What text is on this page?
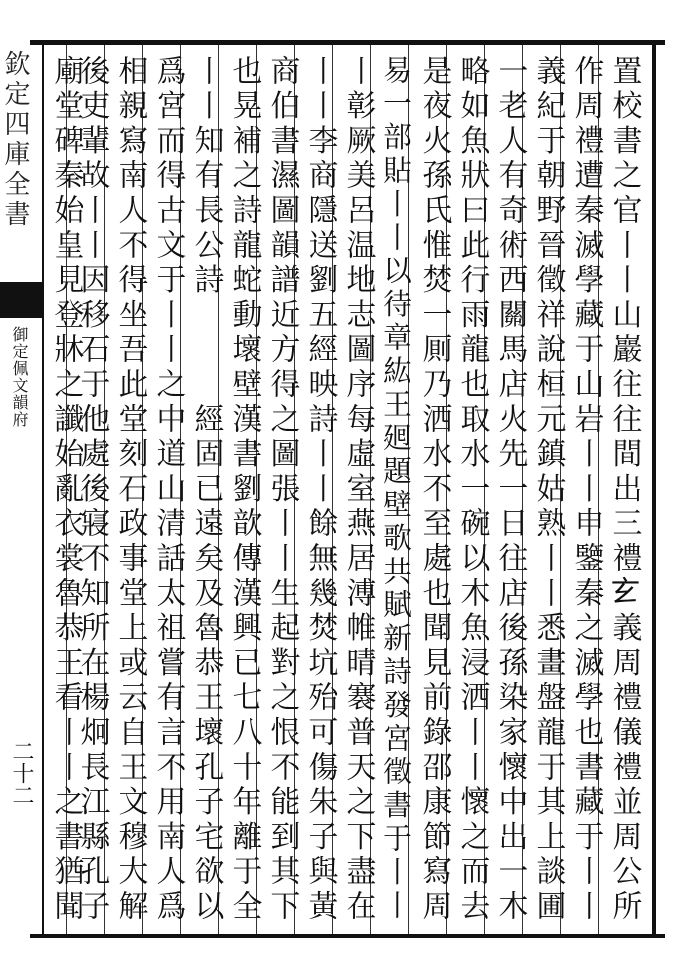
欽定四庫全書
御定佩文韻府
二十二	置校書之官丨丨山巖往往間出三禮𤣥義周禮儀禮並周公所
作周禮遭秦滅學藏于山岩丨丨申鑒秦之滅學也書藏于丨丨
義紀于朝野晉徵祥說桓元鎮姑熟丨丨悉畫盤龍于其上談圃
一老人有奇術西關馬店火先一日往店後孫染家懷中出一木
略如魚狀曰此行雨龍也取水一碗以木魚浸洒丨丨懷之而去
是夜火孫氏惟焚一厠乃洒水不至處也聞見前錄邵康節寫周
易一部貼丨丨以待章紘王𢌞題壁歌共賦新詩發宮徵書于丨丨
丨彰厥美呂温地志圖序每虛室燕居溥帷晴褰普天之下盡在
丨丨李商隱送劉五經映詩丨丨餘無幾焚坑殆可傷朱子與黃
商伯書濕圖韻譜近方得之圖張丨丨生起對之恨不能到其下
也晃補之詩龍蛇動壞壁漢書劉歆傳漢興已七八十年離于全
丨丨知有長公詩　　　經固已遠矣及魯恭王壞孔子宅欲以
爲宮而得古文于丨丨之中道山清話太祖嘗有言不用南人爲
相親寫南人不得坐吾此堂刻石政事堂上或云自王文穆大解
後吏輩故丨丨因移石于他處後寢不知所在楊炯長江縣孔子
廟堂碑秦始皇見登牀之讖始亂衣裳魯恭王看丨丨之書猶聞
